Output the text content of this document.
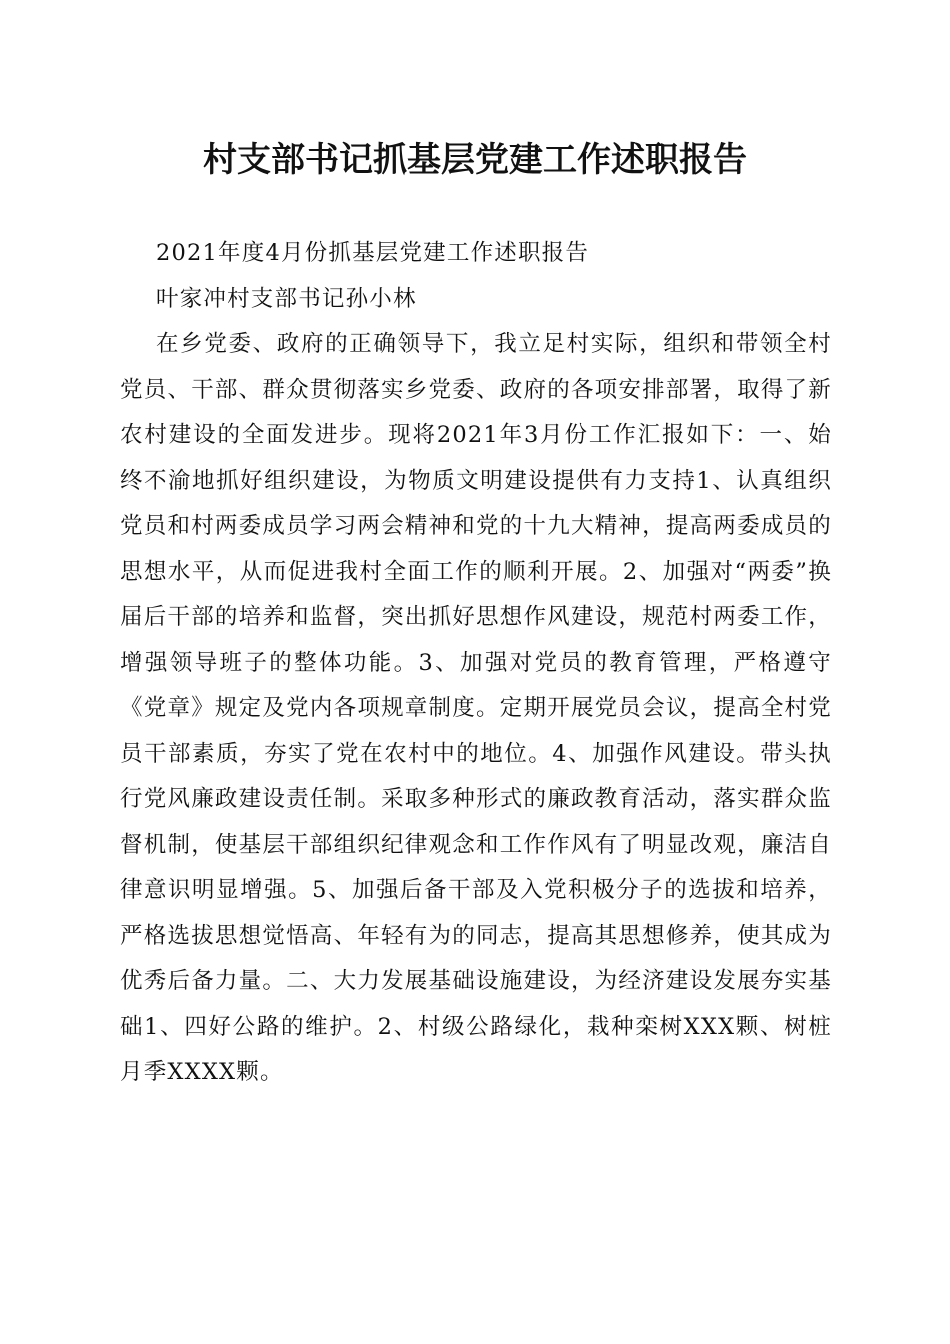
村支部书记抓基层党建工作述职报告

2021年度4月份抓基层党建工作述职报告

叶家冲村支部书记孙小林

在乡党委、政府的正确领导下，我立足村实际，组织和带领全村党员、干部、群众贯彻落实乡党委、政府的各项安排部署，取得了新农村建设的全面发进步。现将2021年3月份工作汇报如下：一、始终不渝地抓好组织建设，为物质文明建设提供有力支持1、认真组织党员和村两委成员学习两会精神和党的十九大精神，提高两委成员的思想水平，从而促进我村全面工作的顺利开展。2、加强对“两委”换届后干部的培养和监督，突出抓好思想作风建设，规范村两委工作，增强领导班子的整体功能。3、加强对党员的教育管理，严格遵守《党章》规定及党内各项规章制度。定期开展党员会议，提高全村党员干部素质，夯实了党在农村中的地位。4、加强作风建设。带头执行党风廉政建设责任制。采取多种形式的廉政教育活动，落实群众监督机制，使基层干部组织纪律观念和工作作风有了明显改观，廉洁自律意识明显增强。5、加强后备干部及入党积极分子的选拔和培养，严格选拔思想觉悟高、年轻有为的同志，提高其思想修养，使其成为优秀后备力量。二、大力发展基础设施建设，为经济建设发展夯实基础1、四好公路的维护。2、村级公路绿化，栽种栾树XXX颗、树桩月季XXXX颗。
